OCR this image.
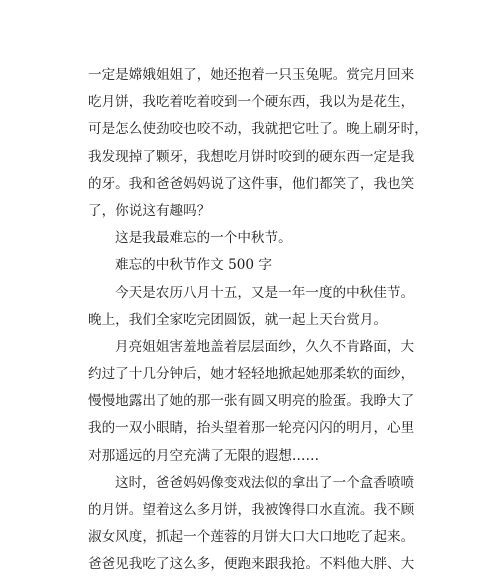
一定是嫦娥姐姐了，她还抱着一只玉兔呢。赏完月回来
吃月饼，我吃着吃着咬到一个硬东西，我以为是花生，
可是怎么使劲咬也咬不动，我就把它吐了。晚上刷牙时，
我发现掉了颗牙，我想吃月饼时咬到的硬东西一定是我
的牙。我和爸爸妈妈说了这件事，他们都笑了，我也笑
了，你说这有趣吗？
这是我最难忘的一个中秋节。
难忘的中秋节作文 500 字
今天是农历八月十五，又是一年一度的中秋佳节。
晚上，我们全家吃完团圆饭，就一起上天台赏月。
月亮姐姐害羞地盖着层层面纱，久久不肯路面，大
约过了十几分钟后，她才轻轻地掀起她那柔软的面纱，
慢慢地露出了她的那一张有圆又明亮的脸蛋。我睁大了
我的一双小眼睛，抬头望着那一轮亮闪闪的明月，心里
对那遥远的月空充满了无限的遐想……
这时，爸爸妈妈像变戏法似的拿出了一个盒香喷喷
的月饼。望着这么多月饼，我被馋得口水直流。我不顾
淑女风度，抓起一个莲蓉的月饼大口大口地吃了起来。
爸爸见我吃了这么多，便跑来跟我抢。不料他大胖、大
